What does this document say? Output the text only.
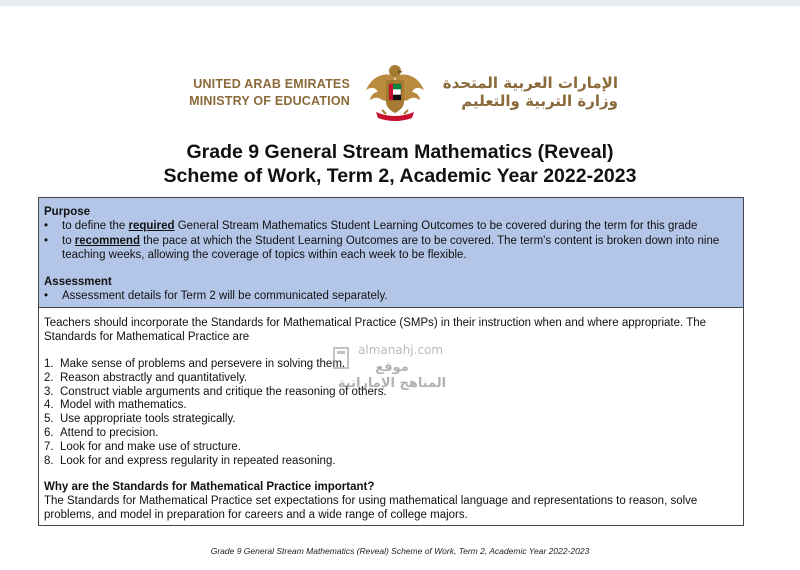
UNITED ARAB EMIRATES
MINISTRY OF EDUCATION
الإمارات العربية المتحدة
وزارة التربية والتعليم
Grade 9 General Stream Mathematics (Reveal)
Scheme of Work, Term 2, Academic Year 2022-2023
Purpose
• to define the required General Stream Mathematics Student Learning Outcomes to be covered during the term for this grade
• to recommend the pace at which the Student Learning Outcomes are to be covered. The term's content is broken down into nine teaching weeks, allowing the coverage of topics within each week to be flexible.
Assessment
• Assessment details for Term 2 will be communicated separately.
Teachers should incorporate the Standards for Mathematical Practice (SMPs) in their instruction when and where appropriate. The Standards for Mathematical Practice are
1. Make sense of problems and persevere in solving them.
2. Reason abstractly and quantitatively.
3. Construct viable arguments and critique the reasoning of others.
4. Model with mathematics.
5. Use appropriate tools strategically.
6. Attend to precision.
7. Look for and make use of structure.
8. Look for and express regularity in repeated reasoning.
Why are the Standards for Mathematical Practice important?
The Standards for Mathematical Practice set expectations for using mathematical language and representations to reason, solve problems, and model in preparation for careers and a wide range of college majors.
almanahj.com
موقع
المناهج الإماراتية
Grade 9 General Stream Mathematics (Reveal) Scheme of Work, Term 2, Academic Year 2022-2023
